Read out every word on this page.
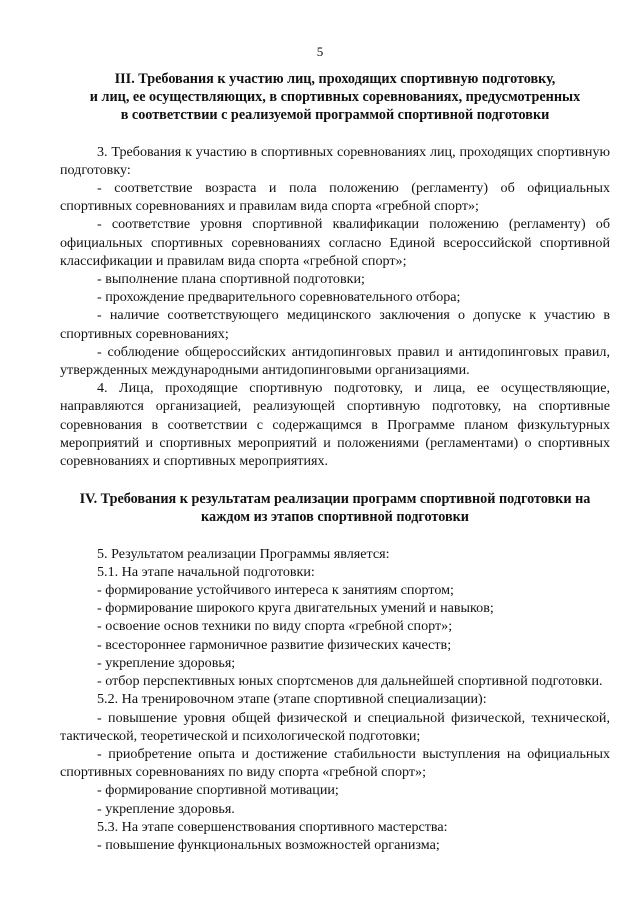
5
III. Требования к участию лиц, проходящих спортивную подготовку,
и лиц, ее осуществляющих, в спортивных соревнованиях, предусмотренных
в соответствии с реализуемой программой спортивной подготовки

3. Требования к участию в спортивных соревнованиях лиц, проходящих спортивную подготовку:

- соответствие возраста и пола положению (регламенту) об официальных спортивных соревнованиях и правилам вида спорта «гребной спорт»;

- соответствие уровня спортивной квалификации положению (регламенту) об официальных спортивных соревнованиях согласно Единой всероссийской спортивной классификации и правилам вида спорта «гребной спорт»;

- выполнение плана спортивной подготовки;

- прохождение предварительного соревновательного отбора;

- наличие соответствующего медицинского заключения о допуске к участию в спортивных соревнованиях;

- соблюдение общероссийских антидопинговых правил и антидопинговых правил, утвержденных международными антидопинговыми организациями.

4. Лица, проходящие спортивную подготовку, и лица, ее осуществляющие, направляются организацией, реализующей спортивную подготовку, на спортивные соревнования в соответствии с содержащимся в Программе планом физкультурных мероприятий и спортивных мероприятий и положениями (регламентами) о спортивных соревнованиях и спортивных мероприятиях.

IV. Требования к результатам реализации программ спортивной подготовки на
каждом из этапов спортивной подготовки

5. Результатом реализации Программы является:

5.1. На этапе начальной подготовки:

- формирование устойчивого интереса к занятиям спортом;

- формирование широкого круга двигательных умений и навыков;

- освоение основ техники по виду спорта «гребной спорт»;

- всестороннее гармоничное развитие физических качеств;

- укрепление здоровья;

- отбор перспективных юных спортсменов для дальнейшей спортивной подготовки.

5.2. На тренировочном этапе (этапе спортивной специализации):

- повышение уровня общей физической и специальной физической, технической, тактической, теоретической и психологической подготовки;

- приобретение опыта и достижение стабильности выступления на официальных спортивных соревнованиях по виду спорта «гребной спорт»;

- формирование спортивной мотивации;

- укрепление здоровья.

5.3. На этапе совершенствования спортивного мастерства:

- повышение функциональных возможностей организма;
